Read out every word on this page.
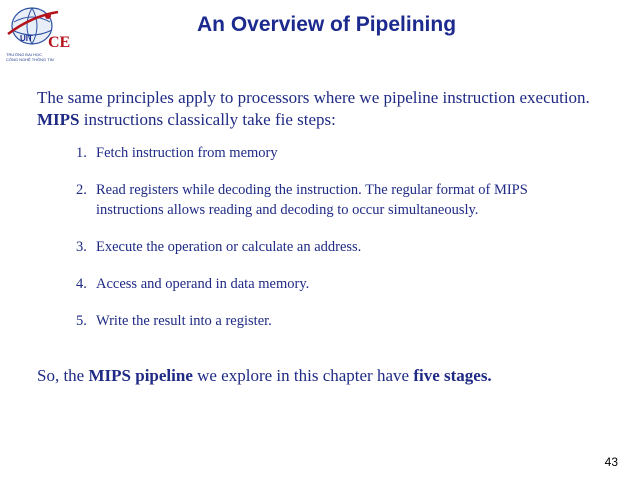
UIT CE
TRƯỜNG ĐẠI HỌC
CÔNG NGHỆ THÔNG TIN
An Overview of Pipelining
The same principles apply to processors where we pipeline instruction execution. MIPS instructions classically take fie steps:
1. Fetch instruction from memory
2. Read registers while decoding the instruction. The regular format of MIPS instructions allows reading and decoding to occur simultaneously.
3. Execute the operation or calculate an address.
4. Access and operand in data memory.
5. Write the result into a register.
So, the MIPS pipeline we explore in this chapter have five stages.
43
